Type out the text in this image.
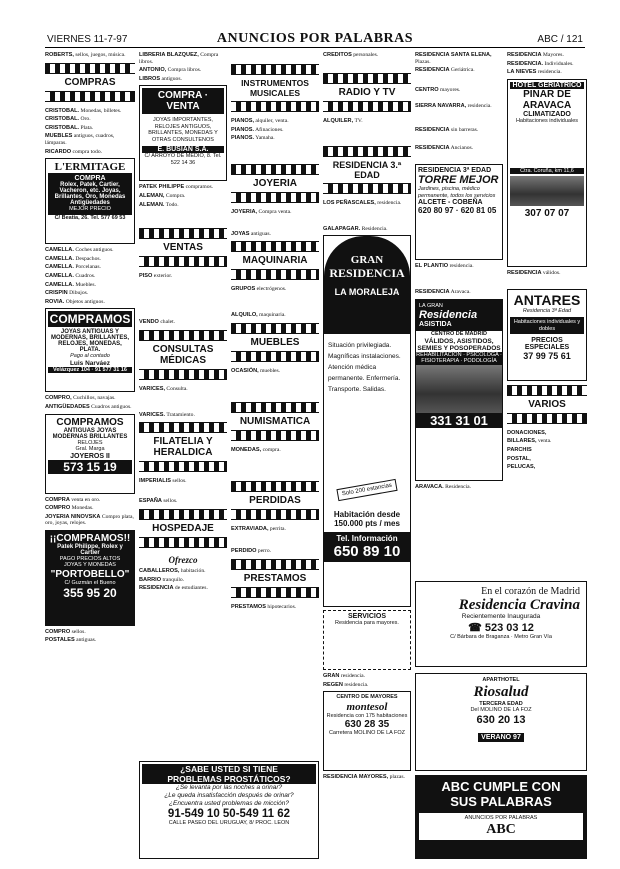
VIERNES 11-7-97	ANUNCIOS POR PALABRAS	ABC / 121
ROBERTS, sellos, juegos, música.
COMPRAS
CRISTOBAL. Monedas, billetes.
CRISTOBAL. Oro.
CRISTOBAL. Plata.
MUEBLES antiguos, cuadros, lámparas.
RICARDO compra todo.
L'ERMITAGE
COMPRA
Rolex, Patek, Cartier, Vacheron, etc. Joyas, Brillantes, Oro, Monedas Antigüedades
MEJOR PRECIO
C/ Beatia, 26. Tel. 577 69 53
CAMELLA. Coches antiguos.
CAMELLA. Despachos.
CAMELLA. Porcelanas.
CAMELLA. Cuadros.
CAMELLA. Muebles.
CRISPIN Dibujos.
ROVIA. Objetos antiguos.
COMPRAMOS
JOYAS ANTIGUAS Y MODERNAS, BRILLANTES, RELOJES, MONEDAS, PLATA.
Pago al contado
Luis Narváez
Velázquez 104 · 91 577 31 16
COMPRO, Cuchillos, navajas.
ANTIGÜEDADES Cuadros antiguos.
COMPRAMOS
ANTIGUAS JOYAS MODERNAS BRILLANTES
RELOJES
Gral. Marga
JOYEROS II
573 15 19
COMPRA venta en oro.
COMPRO Monedas.
JOYERIA NINOVSKA Compro plata, oro, joyas, relojes.
¡¡COMPRAMOS!!
Patek Philippe, Rolex y Cartier
PAGO PRECIOS ALTOS
JOYAS Y MONEDAS
"PORTOBELLO"
C/ Guzmán el Bueno
355 95 20
COMPRO sellos.
POSTALES antiguas.
LIBRERIA BLAZQUEZ, Compra libros.
ANTONIO, Compra libros.
LIBROS antiguos.
COMPRA · VENTA
JOYAS IMPORTANTES, RELOJES ANTIGUOS, BRILLANTES, MONEDAS Y OTRAS CONSULTENOS
E. BUSIAN S.A.
C/ ARROYO DE MEDIO, 8. Tel. 522 14 36
PATEK PHILIPPE compramos.
ALEMAN, Compra.
ALEMAN. Todo.
VENTAS
PISO exterior.
VENDO chalet.
CONSULTAS MÉDICAS
VARICES, Consulta.
VARICES. Tratamiento.
FILATELIA Y HERALDICA
IMPERIALIS sellos.
ESPAÑA sellos.
HOSPEDAJE
Ofrezco
CABALLEROS, habitación.
BARRIO tranquilo.
RESIDENCIA de estudiantes.
INSTRUMENTOS MUSICALES
PIANOS, alquiler, venta.
PIANOS. Afinaciones.
PIANOS. Yamaha.
JOYERIA
JOYERIA, Compra venta.
JOYAS antiguas.
MAQUINARIA
GRUPOS electrógenos.
ALQUILO, maquinaria.
MUEBLES
OCASIÓN, muebles.
NUMISMATICA
MONEDAS, compra.
PERDIDAS
EXTRAVIADA, perrita.
PERDIDO perro.
PRESTAMOS
PRESTAMOS hipotecarios.
¿SABE USTED SI TIENE
PROBLEMAS PROSTÁTICOS?
¿Se levanta por las noches a orinar?
¿Le queda insatisfacción después de orinar?
¿Encuentra usted problemas de micción?
91-549 10 50-549 11 62
CALLE PASEO DEL URUGUAY, 8/ PROC. LEON
CREDITOS personales.
RADIO Y TV
ALQUILER, TV.
RESIDENCIA 3.ª EDAD
LOS PEÑASCALES, residencia.
GALAPAGAR. Residencia.
GRAN
RESIDENCIA
LA MORALEJA
Situación privilegiada. Magníficas instalaciones. Atención médica permanente. Enfermería. Transporte. Salidas.
Solo 200 estancias
Habitación desde 150.000 pts / mes
Tel. Información
650 89 10
SERVICIOS
Residencia para mayores.
GRAN residencia.
REGEN residencia.
CENTRO DE MAYORES
montesol
Residencia con 175 habitaciones
630 28 35
Carretera MOLINO DE LA FOZ
RESIDENCIA MAYORES, plazas.
RESIDENCIA SANTA ELENA, Plazas.
RESIDENCIA Geriátrica.
CENTRO mayores.
SIERRA NAVARRA, residencia.
RESIDENCIA sin barreras.
RESIDENCIA Ancianos.
RESIDENCIA 3ª EDAD
TORRE MEJOR
Jardines, piscina, médico permanente, todos los servicios
ALCETE - COBEÑA
620 80 97 · 620 81 05
EL PLANTIO residencia.
RESIDENCIA Aravaca.
LA GRAN
Residencia
ASISTIDA
CENTRO DE MADRID
VÁLIDOS, ASISTIDOS, SEMIES Y POSOPERADOS
REHABILITACIÓN · PSICÓLOGA · FISIOTERAPIA · PODOLOGÍA
331 31 01
ARAVACA. Residencia.
RESIDENCIA Mayores.
RESIDENCIA. Individuales.
LA NIEVES residencia.
HOTEL GERIATRICO
PINAR DE ARAVACA
CLIMATIZADO
Habitaciones individuales
Ctra. Coruña, km 11,6
307 07 07
RESIDENCIA válidos.
ANTARES
Residencia 3ª Edad
Habitaciones individuales y dobles
PRECIOS ESPECIALES
37 99 75 61
VARIOS
DONACIONES,
BILLARES, venta.
PARCHIS
POSTAL,
PELUCAS,
En el corazón de Madrid
Residencia Cravina
Recientemente Inaugurada
☎ 523 03 12
C/ Bárbara de Braganza · Metro Gran Vía
APARTHOTEL
Riosalud
TERCERA EDAD
Del MOLINO DE LA FOZ
630 20 13
VERANO 97
ABC CUMPLE CON
SUS PALABRAS
ANUNCIOS POR PALABRAS
ABC
